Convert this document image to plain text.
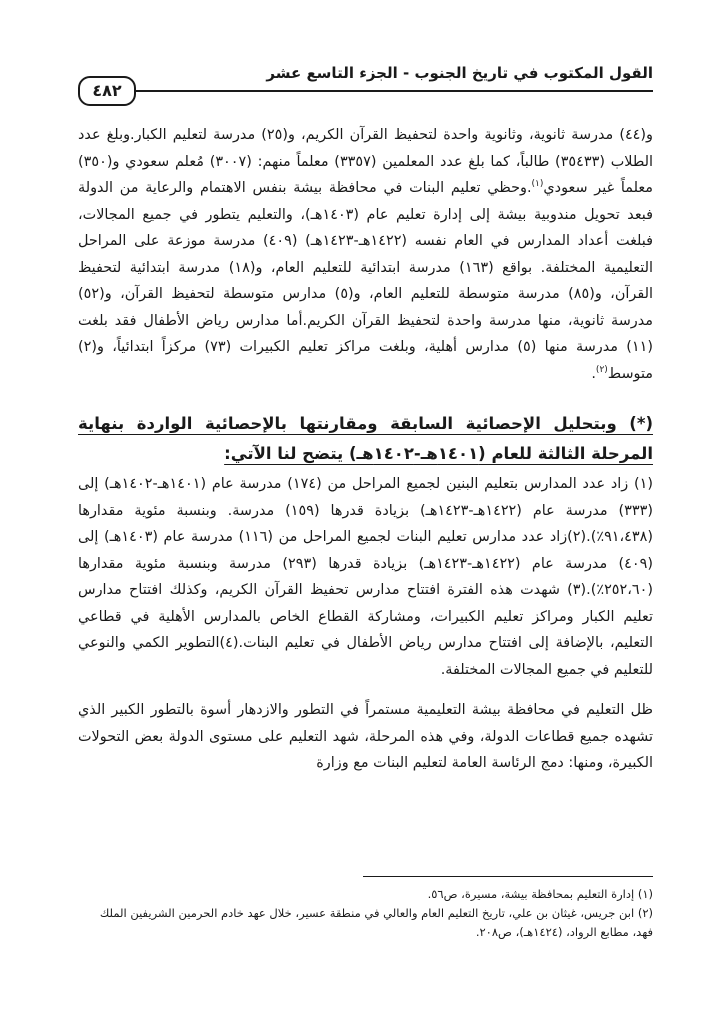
القول المكتوب في تاريخ الجنوب - الجزء التاسع عشر
٤٨٢

و(٤٤) مدرسة ثانوية، وثانوية واحدة لتحفيظ القرآن الكريم، و(٢٥) مدرسة لتعليم الكبار.وبلغ عدد الطلاب (٣٥٤٣٣) طالباً، كما بلغ عدد المعلمين (٣٣٥٧) معلماً منهم: (٣٠٠٧) مُعلم سعودي و(٣٥٠) معلماً غير سعودي$^{(١)}$.وحظي تعليم البنات في محافظة بيشة بنفس الاهتمام والرعاية من الدولة فبعد تحويل مندوبية بيشة إلى إدارة تعليم عام (١٤٠٣هـ)، والتعليم يتطور في جميع المجالات، فبلغت أعداد المدارس في العام نفسه (١٤٢٢هـ-١٤٢٣هـ) (٤٠٩) مدرسة موزعة على المراحل التعليمية المختلفة. بواقع (١٦٣) مدرسة ابتدائية للتعليم العام، و(١٨) مدرسة ابتدائية لتحفيظ القرآن، و(٨٥) مدرسة متوسطة للتعليم العام، و(٥) مدارس متوسطة لتحفيظ القرآن، و(٥٢) مدرسة ثانوية، منها مدرسة واحدة لتحفيظ القرآن الكريم.أما مدارس رياض الأطفال فقد بلغت (١١) مدرسة منها (٥) مدارس أهلية، وبلغت مراكز تعليم الكبيرات (٧٣) مركزاً ابتدائياً، و(٢) متوسط$^{(٢)}$.

(*) وبتحليل الإحصائية السابقة ومقارنتها بالإحصائية الواردة بنهاية المرحلة الثالثة للعام (١٤٠١هـ-١٤٠٢هـ) يتضح لنا الآتي:

(١) زاد عدد المدارس بتعليم البنين لجميع المراحل من (١٧٤) مدرسة عام (١٤٠١هـ-١٤٠٢هـ) إلى (٣٣٣) مدرسة عام (١٤٢٢هـ-١٤٢٣هـ) بزيادة قدرها (١٥٩) مدرسة. وبنسبة مئوية مقدارها (٩١،٤٣٨٪).(٢)زاد عدد مدارس تعليم البنات لجميع المراحل من (١١٦) مدرسة عام (١٤٠٣هـ) إلى (٤٠٩) مدرسة عام (١٤٢٢هـ-١٤٢٣هـ) بزيادة قدرها (٢٩٣) مدرسة وبنسبة مئوية مقدارها (٢٥٢،٦٠٪).(٣) شهدت هذه الفترة افتتاح مدارس تحفيظ القرآن الكريم، وكذلك افتتاح مدارس تعليم الكبار ومراكز تعليم الكبيرات، ومشاركة القطاع الخاص بالمدارس الأهلية في قطاعي التعليم، بالإضافة إلى افتتاح مدارس رياض الأطفال في تعليم البنات.(٤)التطوير الكمي والنوعي للتعليم في جميع المجالات المختلفة.

ظل التعليم في محافظة بيشة التعليمية مستمراً في التطور والازدهار أسوة بالتطور الكبير الذي تشهده جميع قطاعات الدولة، وفي هذه المرحلة، شهد التعليم على مستوى الدولة بعض التحولات الكبيرة، ومنها: دمج الرئاسة العامة لتعليم البنات مع وزارة

(١) إدارة التعليم بمحافظة بيشة، مسيرة، ص٥٦.

(٢) ابن جريس، غيثان بن علي، تاريخ التعليم العام والعالي في منطقة عسير، خلال عهد خادم الحرمين الشريفين الملك فهد، مطابع الرواد، (١٤٢٤هـ)، ص٢٠٨.
